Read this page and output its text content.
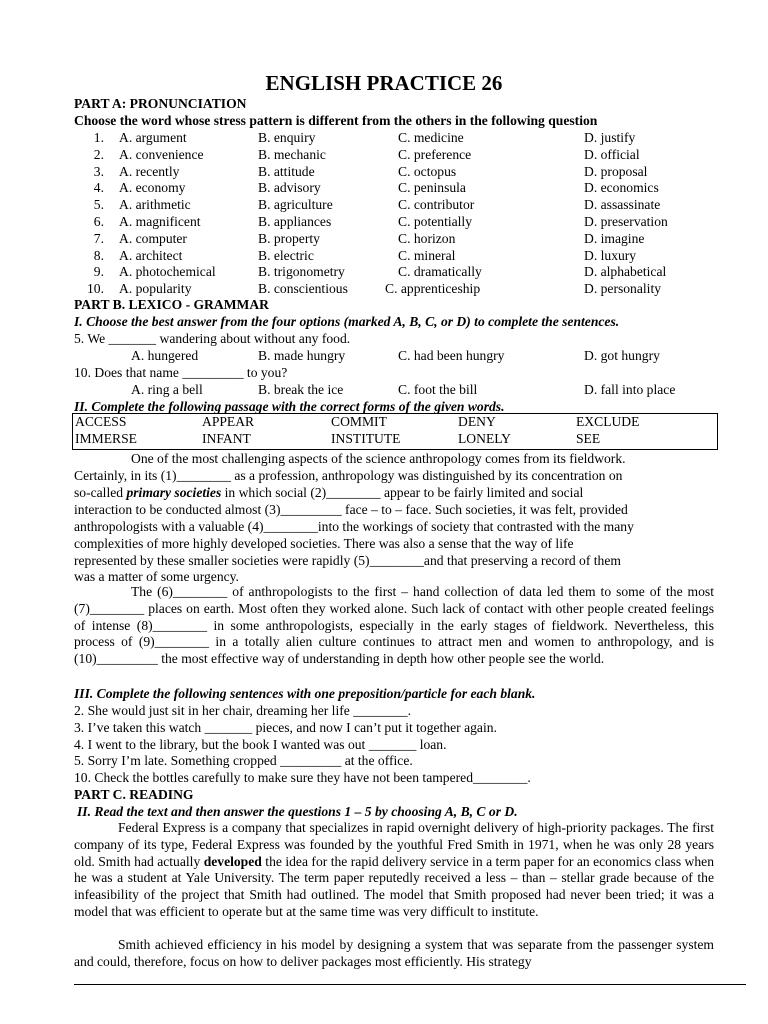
ENGLISH PRACTICE 26
PART A: PRONUNCIATION
Choose the word whose stress pattern is different from the others in the following question
1. A. argument	B. enquiry	C. medicine	D. justify
2. A. convenience	B. mechanic	C. preference	D. official
3. A. recently	B. attitude	C. octopus	D. proposal
4. A. economy	B. advisory	C. peninsula	D. economics
5. A. arithmetic	B. agriculture	C. contributor	D. assassinate
6. A. magnificent	B. appliances	C. potentially	D. preservation
7. A. computer	B. property	C. horizon	D. imagine
8. A. architect	B. electric	C. mineral	D. luxury
9. A. photochemical	B. trigonometry	C. dramatically	D. alphabetical
10. A. popularity	B. conscientious	C. apprenticeship	D. personality
PART B. LEXICO - GRAMMAR
I. Choose the best answer from the four options (marked A, B, C, or D) to complete the sentences.
5. We _______ wandering about without any food.
A. hungered	B. made hungry	C. had been hungry	D. got hungry
10. Does that name _________ to you?
A. ring a bell	B. break the ice	C. foot the bill	D. fall into place
II. Complete the following passage with the correct forms of the given words.
ACCESS	APPEAR	COMMIT	DENY	EXCLUDE
IMMERSE	INFANT	INSTITUTE	LONELY	SEE
One of the most challenging aspects of the science anthropology comes from its fieldwork.
Certainly, in its (1)________ as a profession, anthropology was distinguished by its concentration on
so-called primary societies in which social (2)________ appear to be fairly limited and social
interaction to be conducted almost (3)_________ face – to – face. Such societies, it was felt, provided
anthropologists with a valuable (4)________into the workings of society that contrasted with the many
complexities of more highly developed societies. There was also a sense that the way of life
represented by these smaller societies were rapidly (5)________and that preserving a record of them
was a matter of some urgency.
The (6)________ of anthropologists to the first – hand collection of data led them to some of the most (7)________ places on earth. Most often they worked alone. Such lack of contact with other people created feelings of intense (8)________ in some anthropologists, especially in the early stages of fieldwork. Nevertheless, this process of (9)________ in a totally alien culture continues to attract men and women to anthropology, and is (10)_________ the most effective way of understanding in depth how other people see the world.
III. Complete the following sentences with one preposition/particle for each blank.
2. She would just sit in her chair, dreaming her life ________.
3. I’ve taken this watch _______ pieces, and now I can’t put it together again.
4. I went to the library, but the book I wanted was out _______ loan.
5. Sorry I’m late. Something cropped _________ at the office.
10. Check the bottles carefully to make sure they have not been tampered________.
PART C. READING
II. Read the text and then answer the questions 1 – 5 by choosing A, B, C or D.
Federal Express is a company that specializes in rapid overnight delivery of high-priority packages. The first company of its type, Federal Express was founded by the youthful Fred Smith in 1971, when he was only 28 years old. Smith had actually developed the idea for the rapid delivery service in a term paper for an economics class when he was a student at Yale University. The term paper reputedly received a less – than – stellar grade because of the infeasibility of the project that Smith had outlined. The model that Smith proposed had never been tried; it was a model that was efficient to operate but at the same time was very difficult to institute.
Smith achieved efficiency in his model by designing a system that was separate from the passenger system and could, therefore, focus on how to deliver packages most efficiently. His strategy
